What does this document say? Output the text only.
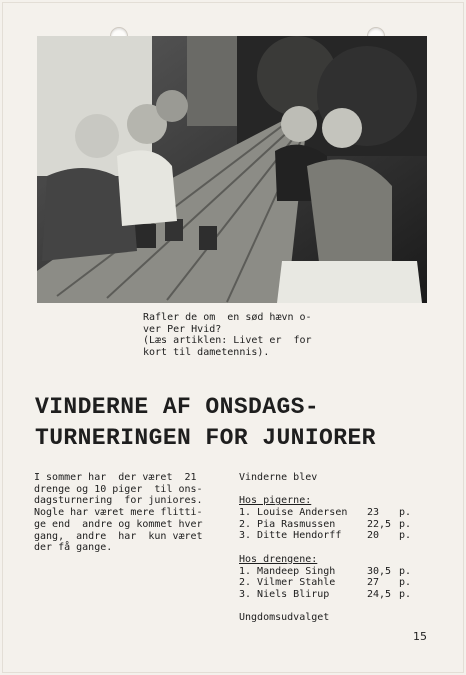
Rafler de om  en sød hævn o-
ver Per Hvid?
(Læs artiklen: Livet er  for
kort til dametennis).
VINDERNE AF ONSDAGS-
TURNERINGEN FOR JUNIORER
I sommer har  der været  21
drenge og 10 piger  til ons-
dagsturnering  for juniores.
Nogle har været mere flitti-
ge end  andre og kommet hver
gang,  andre  har  kun været
der få gange.
Vinderne blev
Hos pigerne:
1. Louise Andersen 23	p.
2. Pia Rasmussen	22,5 p.
3. Ditte Hendorff	20	p.
Hos drengene:
1. Mandeep Singh	30,5 p.
2. Vilmer Stahle	27	p.
3. Niels Blirup	24,5 p.
Ungdomsudvalget
15
